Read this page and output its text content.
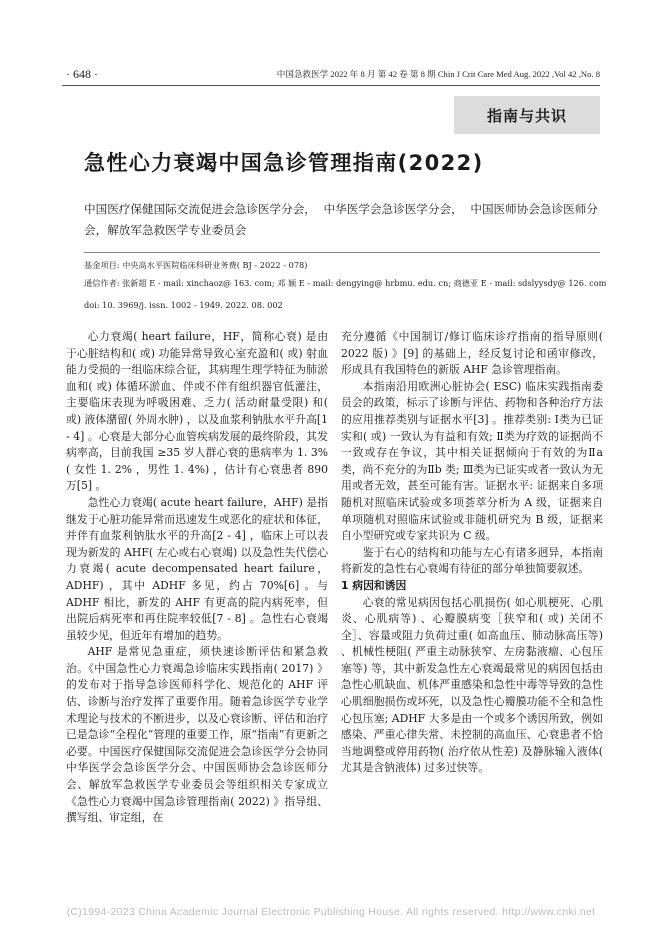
· 648 ·	中国急救医学 2022 年 8 月 第 42 卷 第 8 期 Chin J Crit Care Med Aug. 2022 ,Vol 42 ,No. 8
指南与共识
急性心力衰竭中国急诊管理指南(2022)
中国医疗保健国际交流促进会急诊医学分会， 中华医学会急诊医学分会， 中国医师协会急诊医师分会，解放军急救医学专业委员会
基金项目: 中央高水平医院临床科研业务费( BJ - 2022 - 078)
通信作者: 张新超 E - mail: xinchaoz@ 163. com; 邓 颖 E - mail: dengying@ hrbmu. edu. cn; 商德亚 E - mail: sdslyysdy@ 126. com
doi: 10. 3969/j. issn. 1002 - 1949. 2022. 08. 002

心力衰竭( heart failure，HF，简称心衰) 是由于心脏结构和( 或) 功能异常导致心室充盈和( 或) 射血能力受损的一组临床综合征，其病理生理学特征为肺淤血和( 或) 体循环淤血、伴或不伴有组织器官低灌注，主要临床表现为呼吸困难、乏力( 活动耐量受限) 和( 或) 液体潴留( 外周水肿) ，以及血浆利钠肽水平升高[1 - 4] 。心衰是大部分心血管疾病发展的最终阶段，其发病率高，目前我国 ≥35 岁人群心衰的患病率为 1. 3%( 女性 1. 2% ，男性 1. 4%) ，估计有心衰患者 890 万[5] 。

急性心力衰竭( acute heart failure，AHF) 是指继发于心脏功能异常而迅速发生或恶化的症状和体征，并伴有血浆利钠肽水平的升高[2 - 4] ，临床上可以表现为新发的 AHF( 左心或右心衰竭) 以及急性失代偿心力衰竭( acute decompensated heart failure，ADHF) ，其中 ADHF 多见，约占 70%[6] 。与 ADHF 相比，新发的 AHF 有更高的院内病死率，但出院后病死率和再住院率较低[7 - 8] 。急性右心衰竭虽较少见，但近年有增加的趋势。

AHF 是常见急重症，须快速诊断评估和紧急救治。《中国急性心力衰竭急诊临床实践指南( 2017) 》的发布对于指导急诊医师科学化、规范化的 AHF 评估、诊断与治疗发挥了重要作用。随着急诊医学专业学术理论与技术的不断进步，以及心衰诊断、评估和治疗已是急诊“全程化”管理的重要工作，原“指南”有更新之必要。中国医疗保健国际交流促进会急诊医学分会协同中华医学会急诊医学分会、中国医师协会急诊医师分会、解放军急救医学专业委员会等组织相关专家成立《急性心力衰竭中国急诊管理指南( 2022) 》指导组、撰写组、审定组，在

充分遵循《中国制订/修订临床诊疗指南的指导原则( 2022 版) 》[9] 的基础上，经反复讨论和函审修改，形成具有我国特色的新版 AHF 急诊管理指南。

本指南沿用欧洲心脏协会( ESC) 临床实践指南委员会的政策，标示了诊断与评估、药物和各种治疗方法的应用推荐类别与证据水平[3] 。推荐类别: Ⅰ类为已证实和( 或) 一致认为有益和有效; Ⅱ类为疗效的证据尚不一致或存在争议，其中相关证据倾向于有效的为Ⅱa 类，尚不充分的为Ⅱb 类; Ⅲ类为已证实或者一致认为无用或者无效，甚至可能有害。证据水平: 证据来自多项随机对照临床试验或多项荟萃分析为 A 级，证据来自单项随机对照临床试验或非随机研究为 B 级，证据来自小型研究或专家共识为 C 级。

鉴于右心的结构和功能与左心有诸多迥异，本指南将新发的急性右心衰竭有待征的部分单独简要叙述。

1 病因和诱因

心衰的常见病因包括心肌损伤( 如心肌梗死、心肌炎、心肌病等) 、心瓣膜病变［狭窄和( 或) 关闭不全］、容量或阻力负荷过重( 如高血压、肺动脉高压等) 、机械性梗阻( 严重主动脉狭窄、左房黏液瘤、心包压塞等) 等，其中新发急性左心衰竭最常见的病因包括由急性心肌缺血、机体严重感染和急性中毒等导致的急性心肌细胞损伤或坏死，以及急性心瓣膜功能不全和急性心包压塞; ADHF 大多是由一个或多个诱因所致，例如感染、严重心律失常、未控制的高血压、心衰患者不恰当地调整或停用药物( 治疗依从性差) 及静脉输入液体( 尤其是含钠液体) 过多过快等。

(C)1994-2023 China Academic Journal Electronic Publishing House. All rights reserved. http://www.cnki.net
